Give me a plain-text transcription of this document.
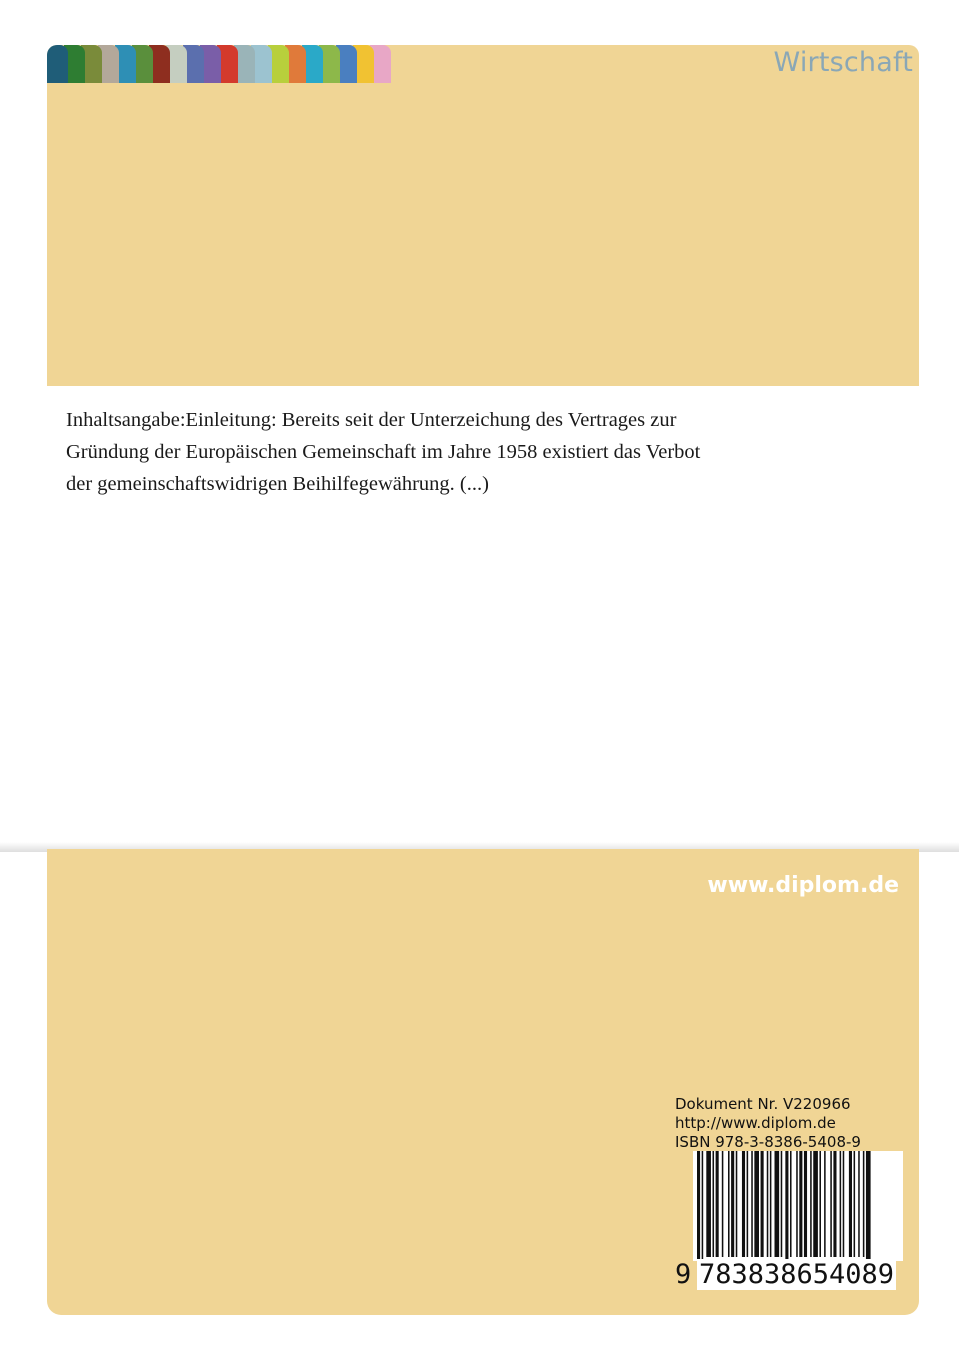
Wirtschaft

Inhaltsangabe:Einleitung: Bereits seit der Unterzeichung des Vertrages zur

Gründung der Europäischen Gemeinschaft im Jahre 1958 existiert das Verbot

der gemeinschaftswidrigen Beihilfegewährung. (...)

www.diplom.de
Dokument Nr. V220966
http://www.diplom.de
ISBN 978-3-8386-5408-9
9 783838654089
